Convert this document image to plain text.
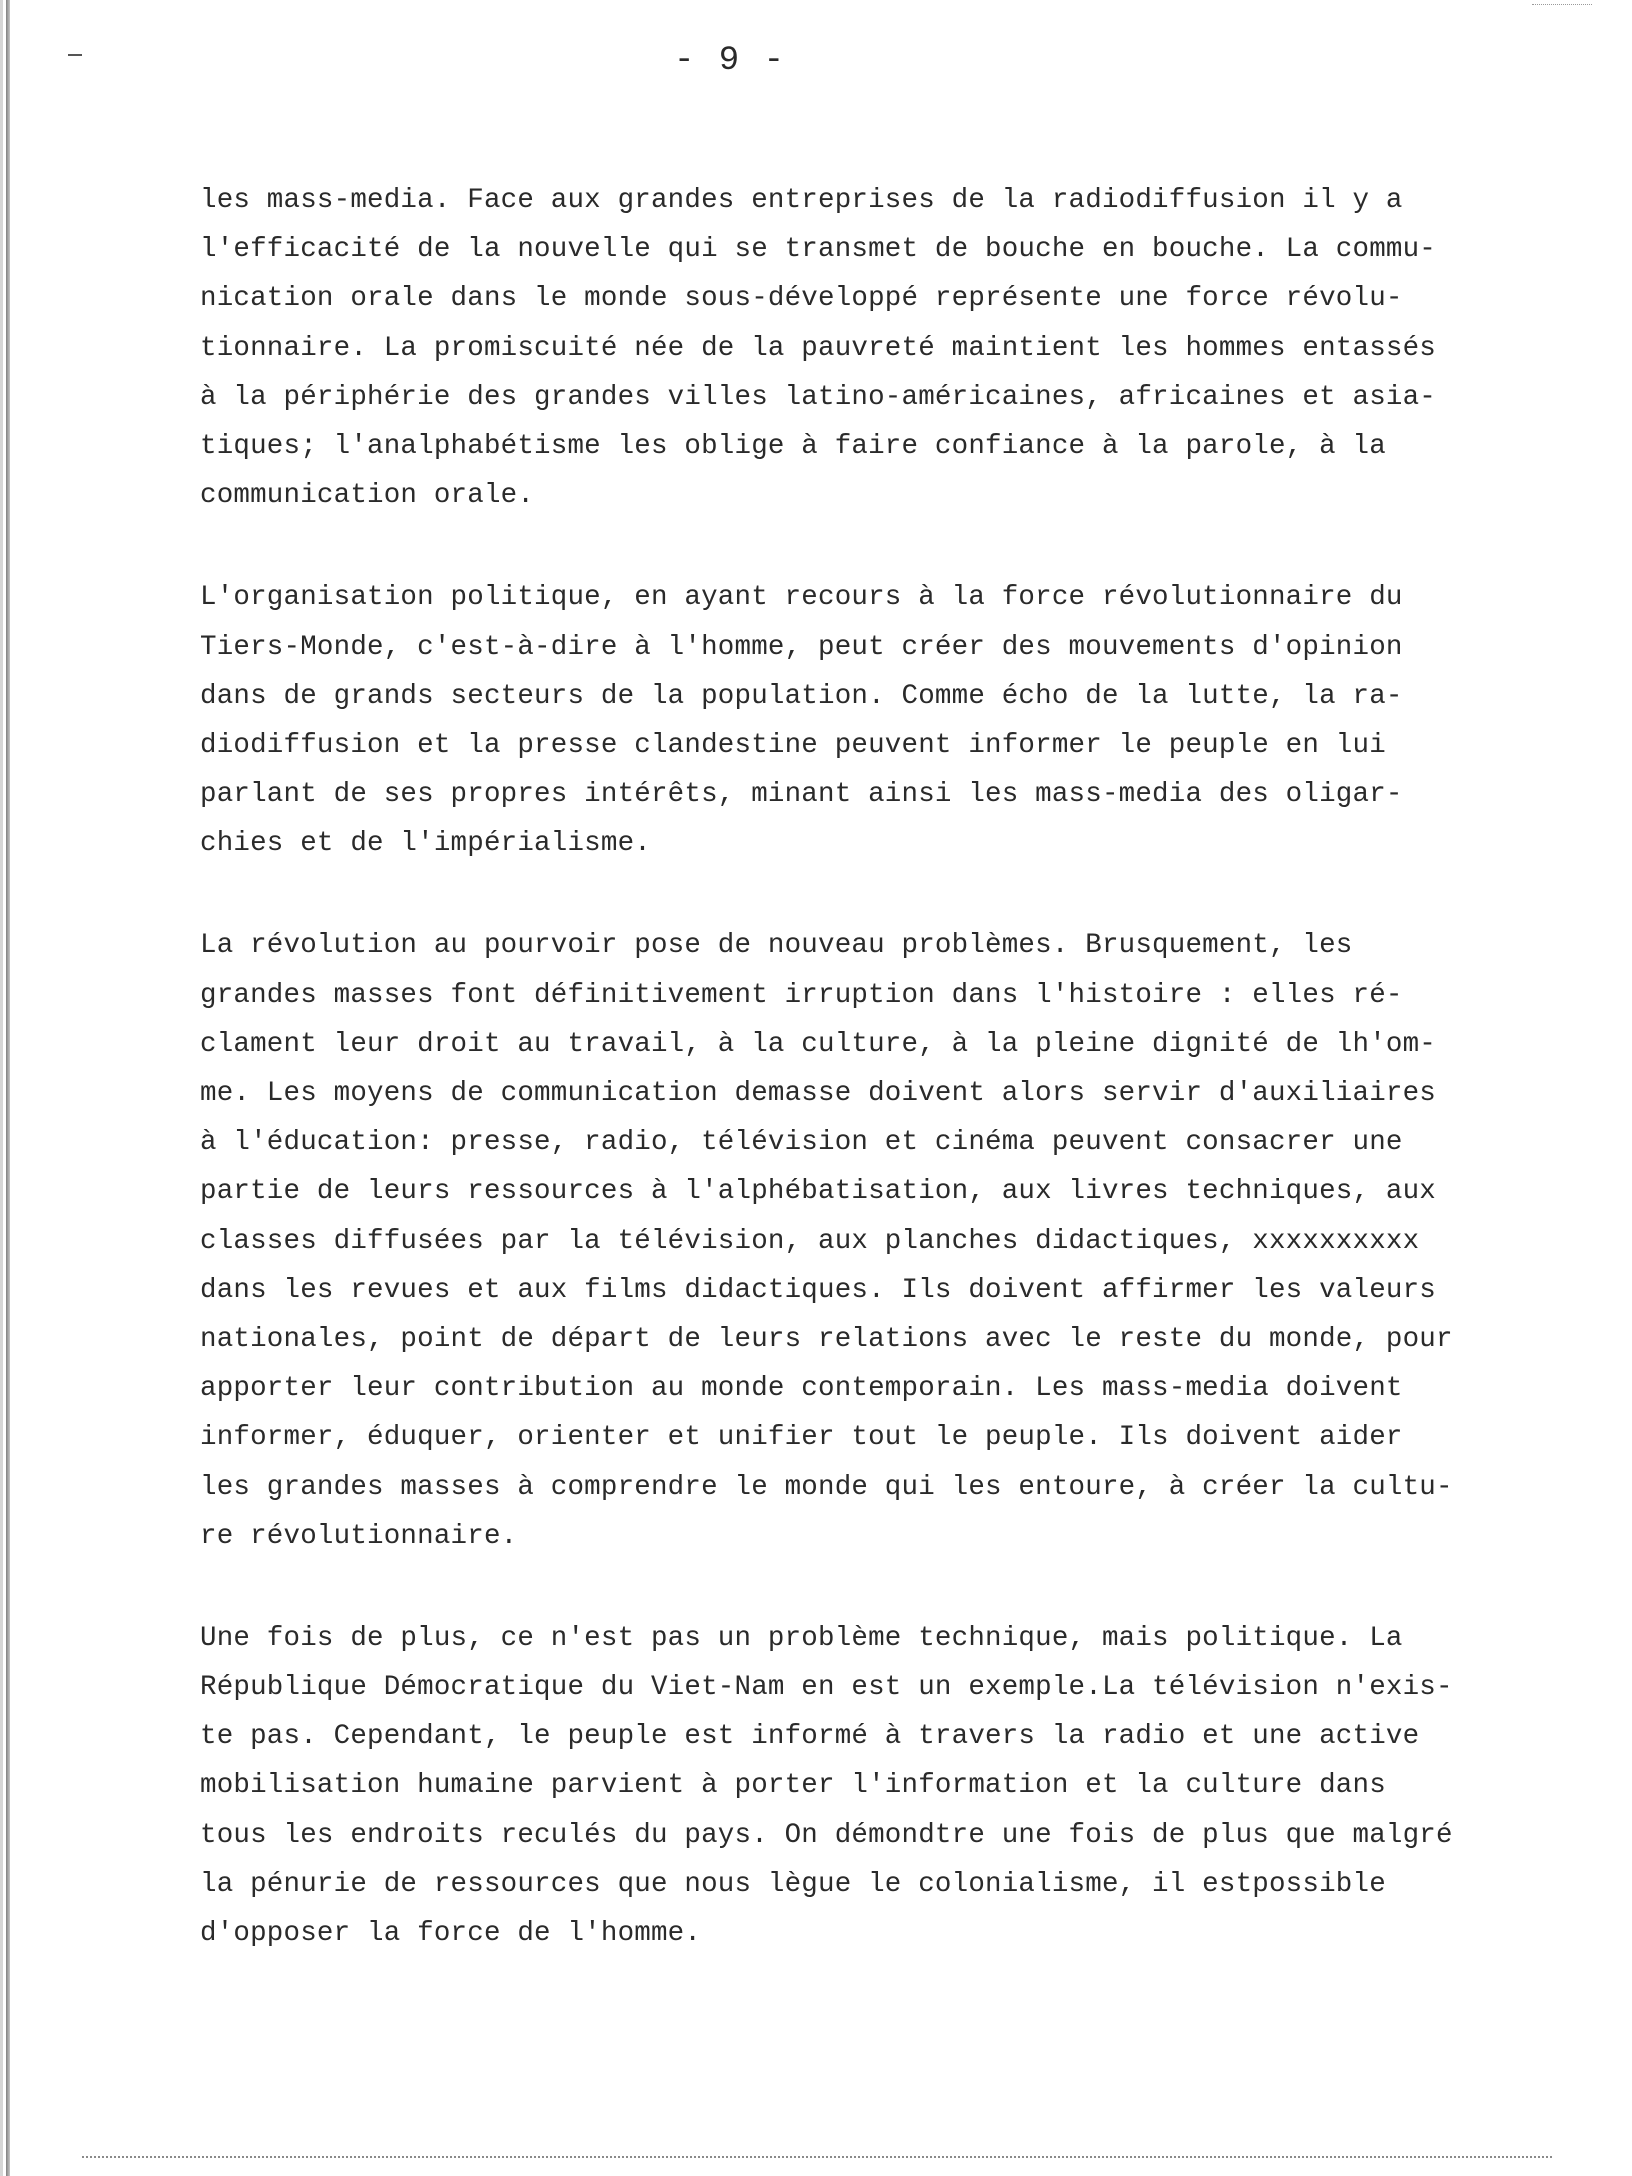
- 9 -
les mass-media. Face aux grandes entreprises de la radiodiffusion il y a
l'efficacité de la nouvelle qui se transmet de bouche en bouche. La commu-
nication orale dans le monde sous-développé représente une force révolu-
tionnaire. La promiscuité née de la pauvreté maintient les hommes entassés
à la périphérie des grandes villes latino-américaines, africaines et asia-
tiques; l'analphabétisme les oblige à faire confiance à la parole, à la
communication orale.
L'organisation politique, en ayant recours à la force révolutionnaire du
Tiers-Monde, c'est-à-dire à l'homme, peut créer des mouvements d'opinion
dans de grands secteurs de la population. Comme écho de la lutte, la ra-
diodiffusion et la presse clandestine peuvent informer le peuple en lui
parlant de ses propres intérêts, minant ainsi les mass-media des oligar-
chies et de l'impérialisme.
La révolution au pourvoir pose de nouveau problèmes. Brusquement, les
grandes masses font définitivement irruption dans l'histoire : elles ré-
clament leur droit au travail, à la culture, à la pleine dignité de lh'om-
me. Les moyens de communication demasse doivent alors servir d'auxiliaires
à l'éducation: presse, radio, télévision et cinéma peuvent consacrer une
partie de leurs ressources à l'alphébatisation, aux livres techniques, aux
classes diffusées par la télévision, aux planches didactiques, xxxxxxxxxx
dans les revues et aux films didactiques. Ils doivent affirmer les valeurs
nationales, point de départ de leurs relations avec le reste du monde, pour
apporter leur contribution au monde contemporain. Les mass-media doivent
informer, éduquer, orienter et unifier tout le peuple. Ils doivent aider
les grandes masses à comprendre le monde qui les entoure, à créer la cultu-
re révolutionnaire.
Une fois de plus, ce n'est pas un problème technique, mais politique. La
République Démocratique du Viet-Nam en est un exemple.La télévision n'exis-
te pas. Cependant, le peuple est informé à travers la radio et une active
mobilisation humaine parvient à porter l'information et la culture dans
tous les endroits reculés du pays. On démondtre une fois de plus que malgré
la pénurie de ressources que nous lègue le colonialisme, il estpossible
d'opposer la force de l'homme.
